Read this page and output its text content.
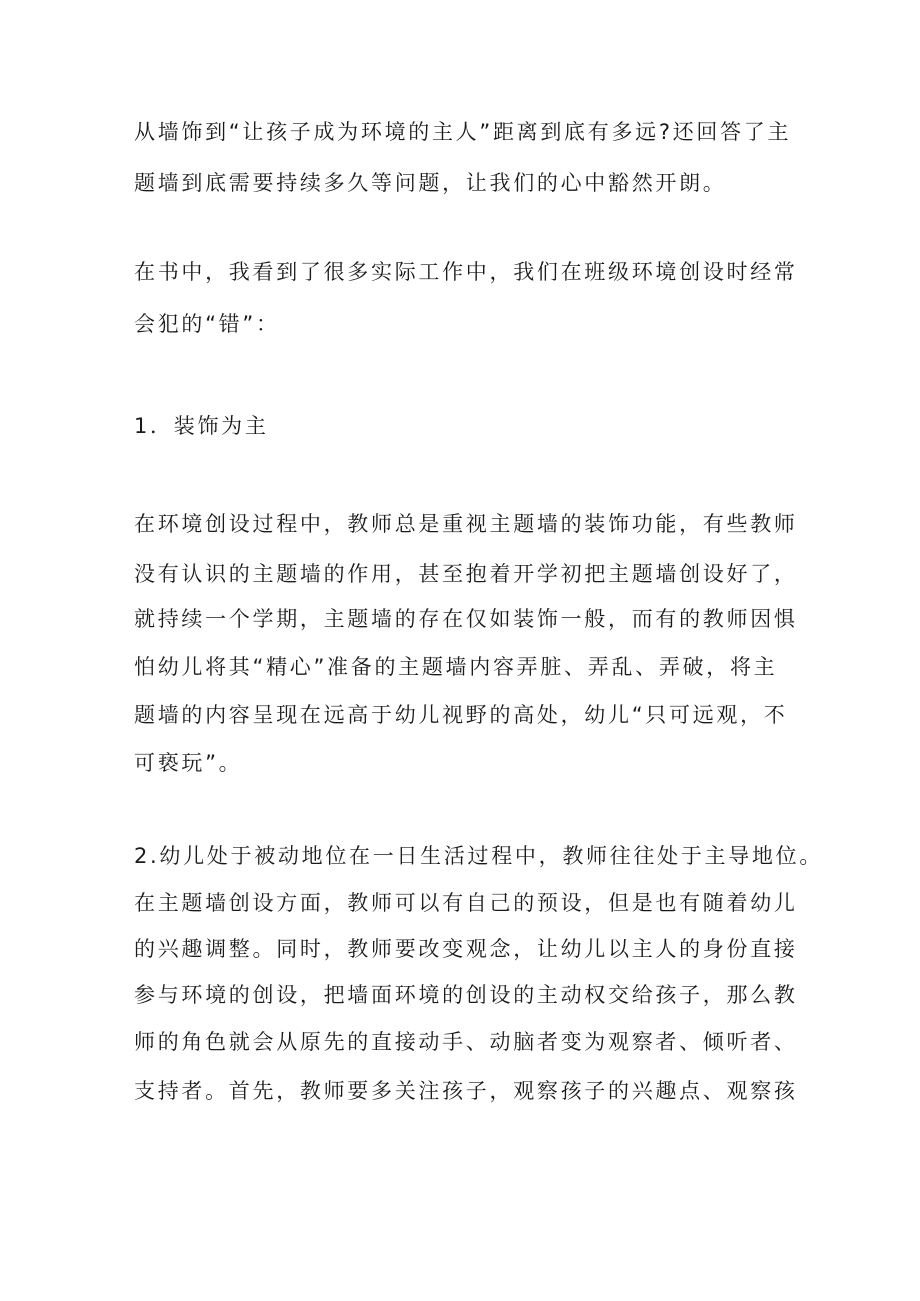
从墙饰到“让孩子成为环境的主人”距离到底有多远?还回答了主
题墙到底需要持续多久等问题，让我们的心中豁然开朗。
在书中，我看到了很多实际工作中，我们在班级环境创设时经常
会犯的“错”：
1．装饰为主
在环境创设过程中，教师总是重视主题墙的装饰功能，有些教师
没有认识的主题墙的作用，甚至抱着开学初把主题墙创设好了，
就持续一个学期，主题墙的存在仅如装饰一般，而有的教师因惧
怕幼儿将其“精心”准备的主题墙内容弄脏、弄乱、弄破，将主
题墙的内容呈现在远高于幼儿视野的高处，幼儿“只可远观，不
可亵玩”。
2.幼儿处于被动地位在一日生活过程中，教师往往处于主导地位。
在主题墙创设方面，教师可以有自己的预设，但是也有随着幼儿
的兴趣调整。同时，教师要改变观念，让幼儿以主人的身份直接
参与环境的创设，把墙面环境的创设的主动权交给孩子，那么教
师的角色就会从原先的直接动手、动脑者变为观察者、倾听者、
支持者。首先，教师要多关注孩子，观察孩子的兴趣点、观察孩
